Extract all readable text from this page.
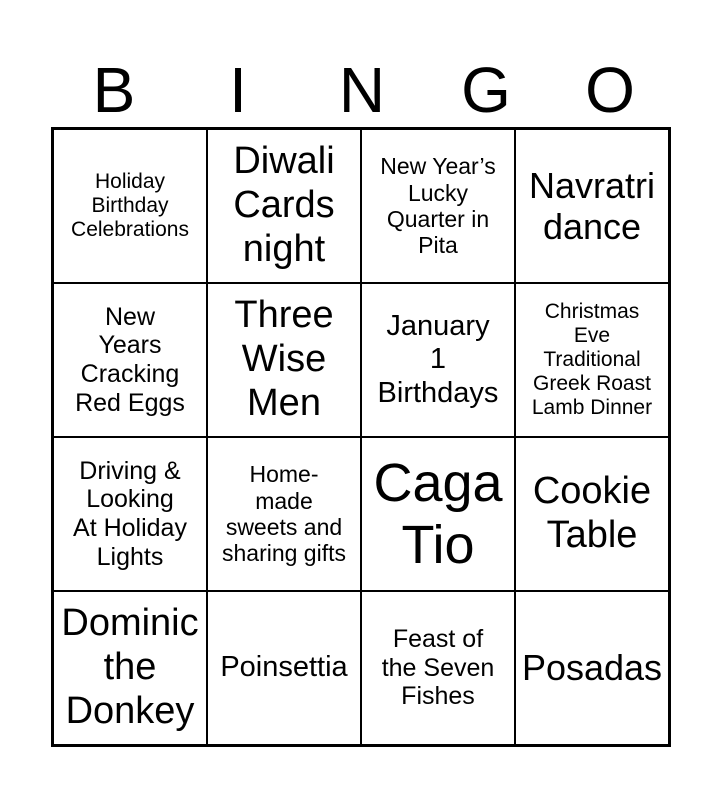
B	I	N	G	O
Holiday
Birthday
Celebrations
Diwali
Cards
night
New Year’s
Lucky
Quarter in
Pita
Navratri
dance
New
Years
Cracking
Red Eggs
Three
Wise
Men
January
1
Birthdays
Christmas
Eve
Traditional
Greek Roast
Lamb Dinner
Driving &
Looking
At Holiday
Lights
Home-
made
sweets and
sharing gifts
Caga
Tio
Cookie
Table
Dominic
the
Donkey
Poinsettia
Feast of
the Seven
Fishes
Posadas
